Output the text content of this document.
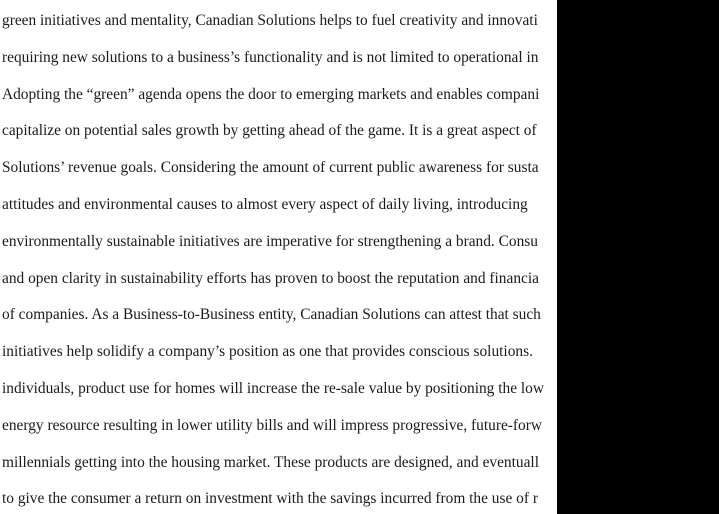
green initiatives and mentality, Canadian Solutions helps to fuel creativity and innovati
requiring new solutions to a business’s functionality and is not limited to operational in
Adopting the “green” agenda opens the door to emerging markets and enables compani
capitalize on potential sales growth by getting ahead of the game. It is a great aspect of
Solutions’ revenue goals. Considering the amount of current public awareness for susta
attitudes and environmental causes to almost every aspect of daily living, introducing
environmentally sustainable initiatives are imperative for strengthening a brand. Consu
and open clarity in sustainability efforts has proven to boost the reputation and financia
of companies. As a Business-to-Business entity, Canadian Solutions can attest that such
initiatives help solidify a company’s position as one that provides conscious solutions.
individuals, product use for homes will increase the re-sale value by positioning the low
energy resource resulting in lower utility bills and will impress progressive, future-forw
millennials getting into the housing market. These products are designed, and eventuall
to give the consumer a return on investment with the savings incurred from the use of r
